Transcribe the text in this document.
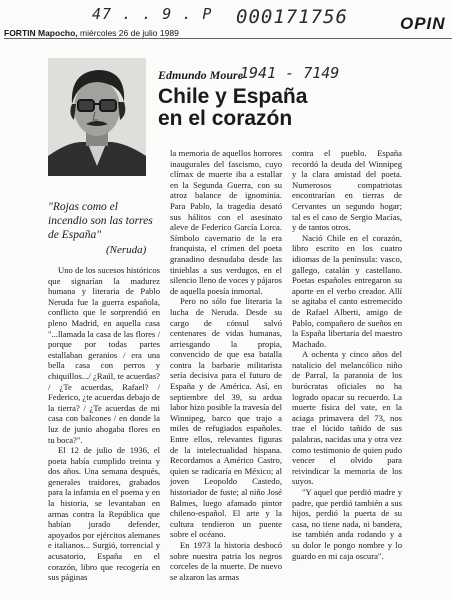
47 . . 9 . P 000171756
FORTIN Mapocho, miércoles 26 de julio 1989	OPIN
Edmundo Moure
1941 - 7149
Chile y España
en el corazón
"Rojas como el incendio son las torres de España"
(Neruda)

Uno de los sucesos históricos que signarían la madurez humana y literaria de Pablo Neruda fue la guerra española, conflicto que le sorprendió en pleno Madrid, en aquella casa "...llamada la casa de las flores / porque por todas partes estallaban geranios / era una bella casa con perros y chiquillos.../ ¿Raúl, te acuerdas? / ¿Te acuerdas, Rafael? / Federico, ¿te acuerdas debajo de la tierra? / ¿Te acuerdas de mi casa con balcones / en donde la luz de junio ahogaba flores en tu boca?".

El 12 de julio de 1936, el poeta había cumplido treinta y dos años. Una semana después, generales traidores, grabados para la infamia en el poema y en la historia, se levantaban en armas contra la República que habían jurado defender, apoyados por ejércitos alemanes e italianos... Surgió, torrencial y acusatorio, España en el corazón, libro que recogería en sus páginas

la memoria de aquellos horrores inaugurales del fascismo, cuyo clímax de muerte iba a estallar en la Segunda Guerra, con su atroz balance de ignominia. Para Pablo, la tragedia desató sus hálitos con el asesinato aleve de Federico García Lorca. Símbolo cavernario de la era franquista, el crimen del poeta granadino desnudaba desde las tinieblas a sus verdugos, en el silencio lleno de voces y pájaros de aquella poesía inmortal.

Pero no sólo fue literaria la lucha de Neruda. Desde su cargo de cónsul salvó centenares de vidas humanas, arriesgando la propia, convencido de que esa batalla contra la barbarie militarista sería decisiva para el futuro de España y de América. Así, en septiembre del 39, su ardua labor hizo posible la travesía del Winnipeg, barco que trajo a miles de refugiados españoles. Entre ellos, relevantes figuras de la intelectualidad hispana. Recordamos a Américo Castro, quien se radicaría en México; al joven Leopoldo Castedo, historiador de fuste; al niño José Balmes, luego afamado pintor chileno-español. El arte y la cultura tendieron un puente sobre el océano.

En 1973 la historia desbocó sobre nuestra patria los negros corceles de la muerte. De nuevo se alzaron las armas

contra el pueblo. España recordó la deuda del Winnipeg y la clara amistad del poeta. Numerosos compatriotas encontrarían en tierras de Cervantes un segundo hogar; tal es el caso de Sergio Macías, y de tantos otros.

Nació Chile en el corazón, libro escrito en los cuatro idiomas de la península: vasco, gallego, catalán y castellano. Poetas españoles entregaron su aporte en el verbo creador. Allí se agitaba el canto estremecido de Rafael Alberti, amigo de Pablo, compañero de sueños en la España libertaria del maestro Machado.

A ochenta y cinco años del natalicio del melancólico niño de Parral, la paranoia de los burócratas oficiales no ha logrado opacar su recuerdo. La muerte física del vate, en la aciaga primavera del 73, nos trae el lúcido tañido de sus palabras, nacidas una y otra vez como testimonio de quien pudo vencer el olvido para reivindicar la memoria de los suyos.

"Y aquel que perdió madre y padre, que perdió también a sus hijos, perdió la puerta de su casa, no tiene nada, ni bandera, ise también anda rodando y a su dolor le pongo nombre y lo guardo en mi caja oscura".
